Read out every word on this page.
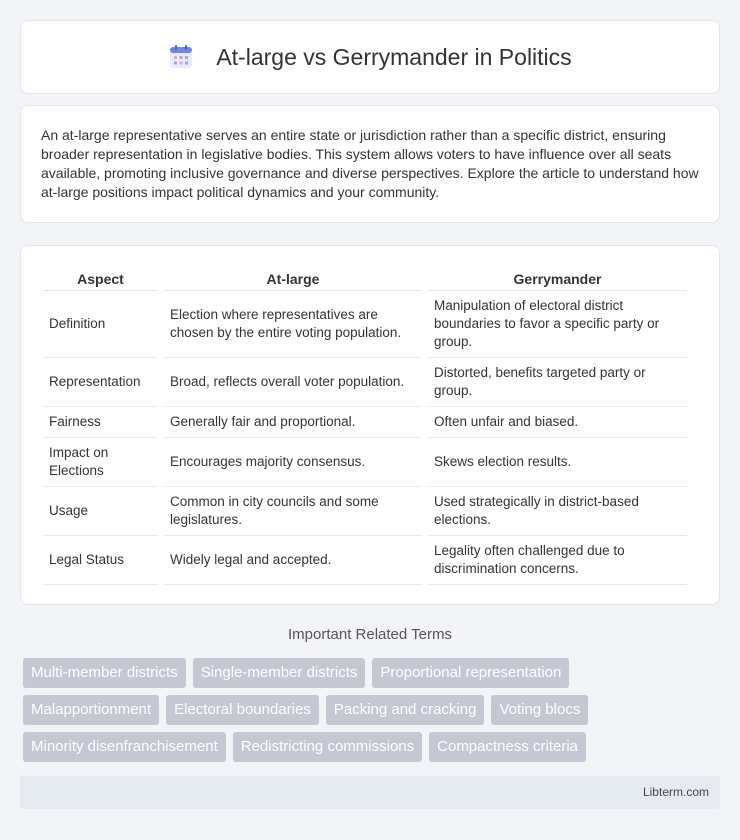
At-large vs Gerrymander in Politics

An at-large representative serves an entire state or jurisdiction rather than a specific district, ensuring broader representation in legislative bodies. This system allows voters to have influence over all seats available, promoting inclusive governance and diverse perspectives. Explore the article to understand how at-large positions impact political dynamics and your community.

Aspect	At-large	Gerrymander
Definition	Election where representatives are chosen by the entire voting population.	Manipulation of electoral district boundaries to favor a specific party or group.
Representation	Broad, reflects overall voter population.	Distorted, benefits targeted party or group.
Fairness	Generally fair and proportional.	Often unfair and biased.
Impact on Elections	Encourages majority consensus.	Skews election results.
Usage	Common in city councils and some legislatures.	Used strategically in district-based elections.
Legal Status	Widely legal and accepted.	Legality often challenged due to discrimination concerns.
Important Related Terms
Multi-member districts	Single-member districts	Proportional representation
Malapportionment	Electoral boundaries	Packing and cracking	Voting blocs
Minority disenfranchisement	Redistricting commissions	Compactness criteria
Libterm.com
